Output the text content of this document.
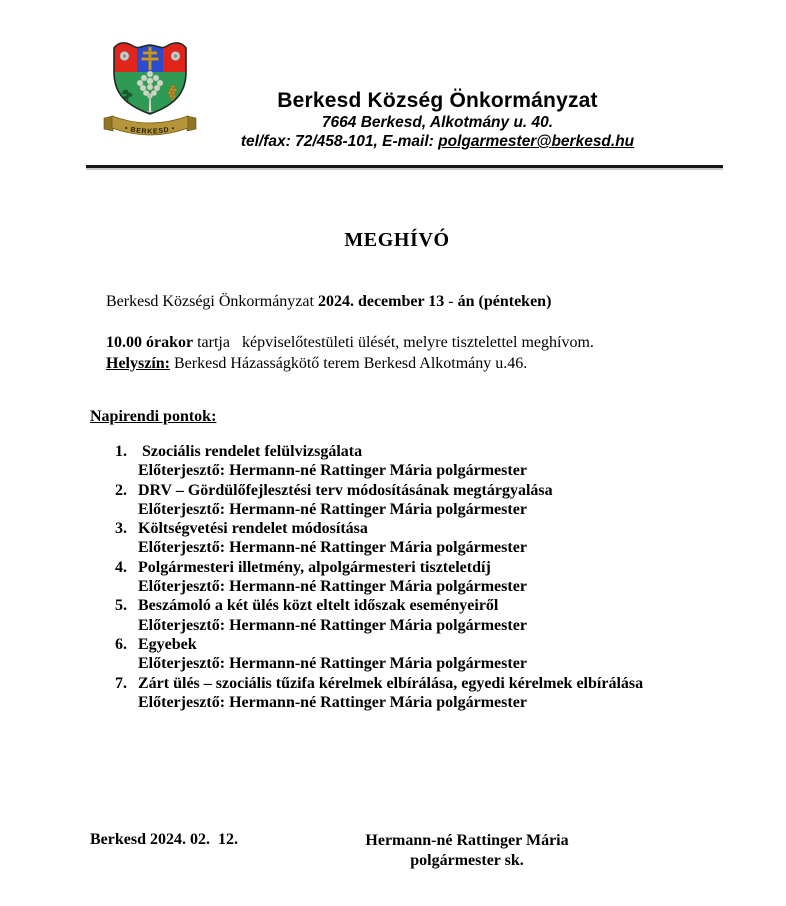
• BERKESD •
Berkesd Község Önkormányzat
7664 Berkesd, Alkotmány u. 40.
tel/fax: 72/458-101, E-mail: polgarmester@berkesd.hu
MEGHÍVÓ

Berkesd Községi Önkormányzat 2024. december 13 - án (pénteken)

10.00 órakor tartja   képviselőtestületi ülését, melyre tisztelettel meghívom.

Helyszín: Berkesd Házasságkötő terem Berkesd Alkotmány u.46.

Napirendi pontok:
1. Szociális rendelet felülvizsgálata
Előterjesztő: Hermann-né Rattinger Mária polgármester
2. DRV – Gördülőfejlesztési terv módosításának megtárgyalása
Előterjesztő: Hermann-né Rattinger Mária polgármester
3. Költségvetési rendelet módosítása
Előterjesztő: Hermann-né Rattinger Mária polgármester
4. Polgármesteri illetmény, alpolgármesteri tiszteletdíj
Előterjesztő: Hermann-né Rattinger Mária polgármester
5. Beszámoló a két ülés közt eltelt időszak eseményeiről
Előterjesztő: Hermann-né Rattinger Mária polgármester
6. Egyebek
Előterjesztő: Hermann-né Rattinger Mária polgármester
7. Zárt ülés – szociális tűzifa kérelmek elbírálása, egyedi kérelmek elbírálása
Előterjesztő: Hermann-né Rattinger Mária polgármester
Berkesd 2024. 02.  12.	Hermann-né Rattinger Mária
polgármester sk.
